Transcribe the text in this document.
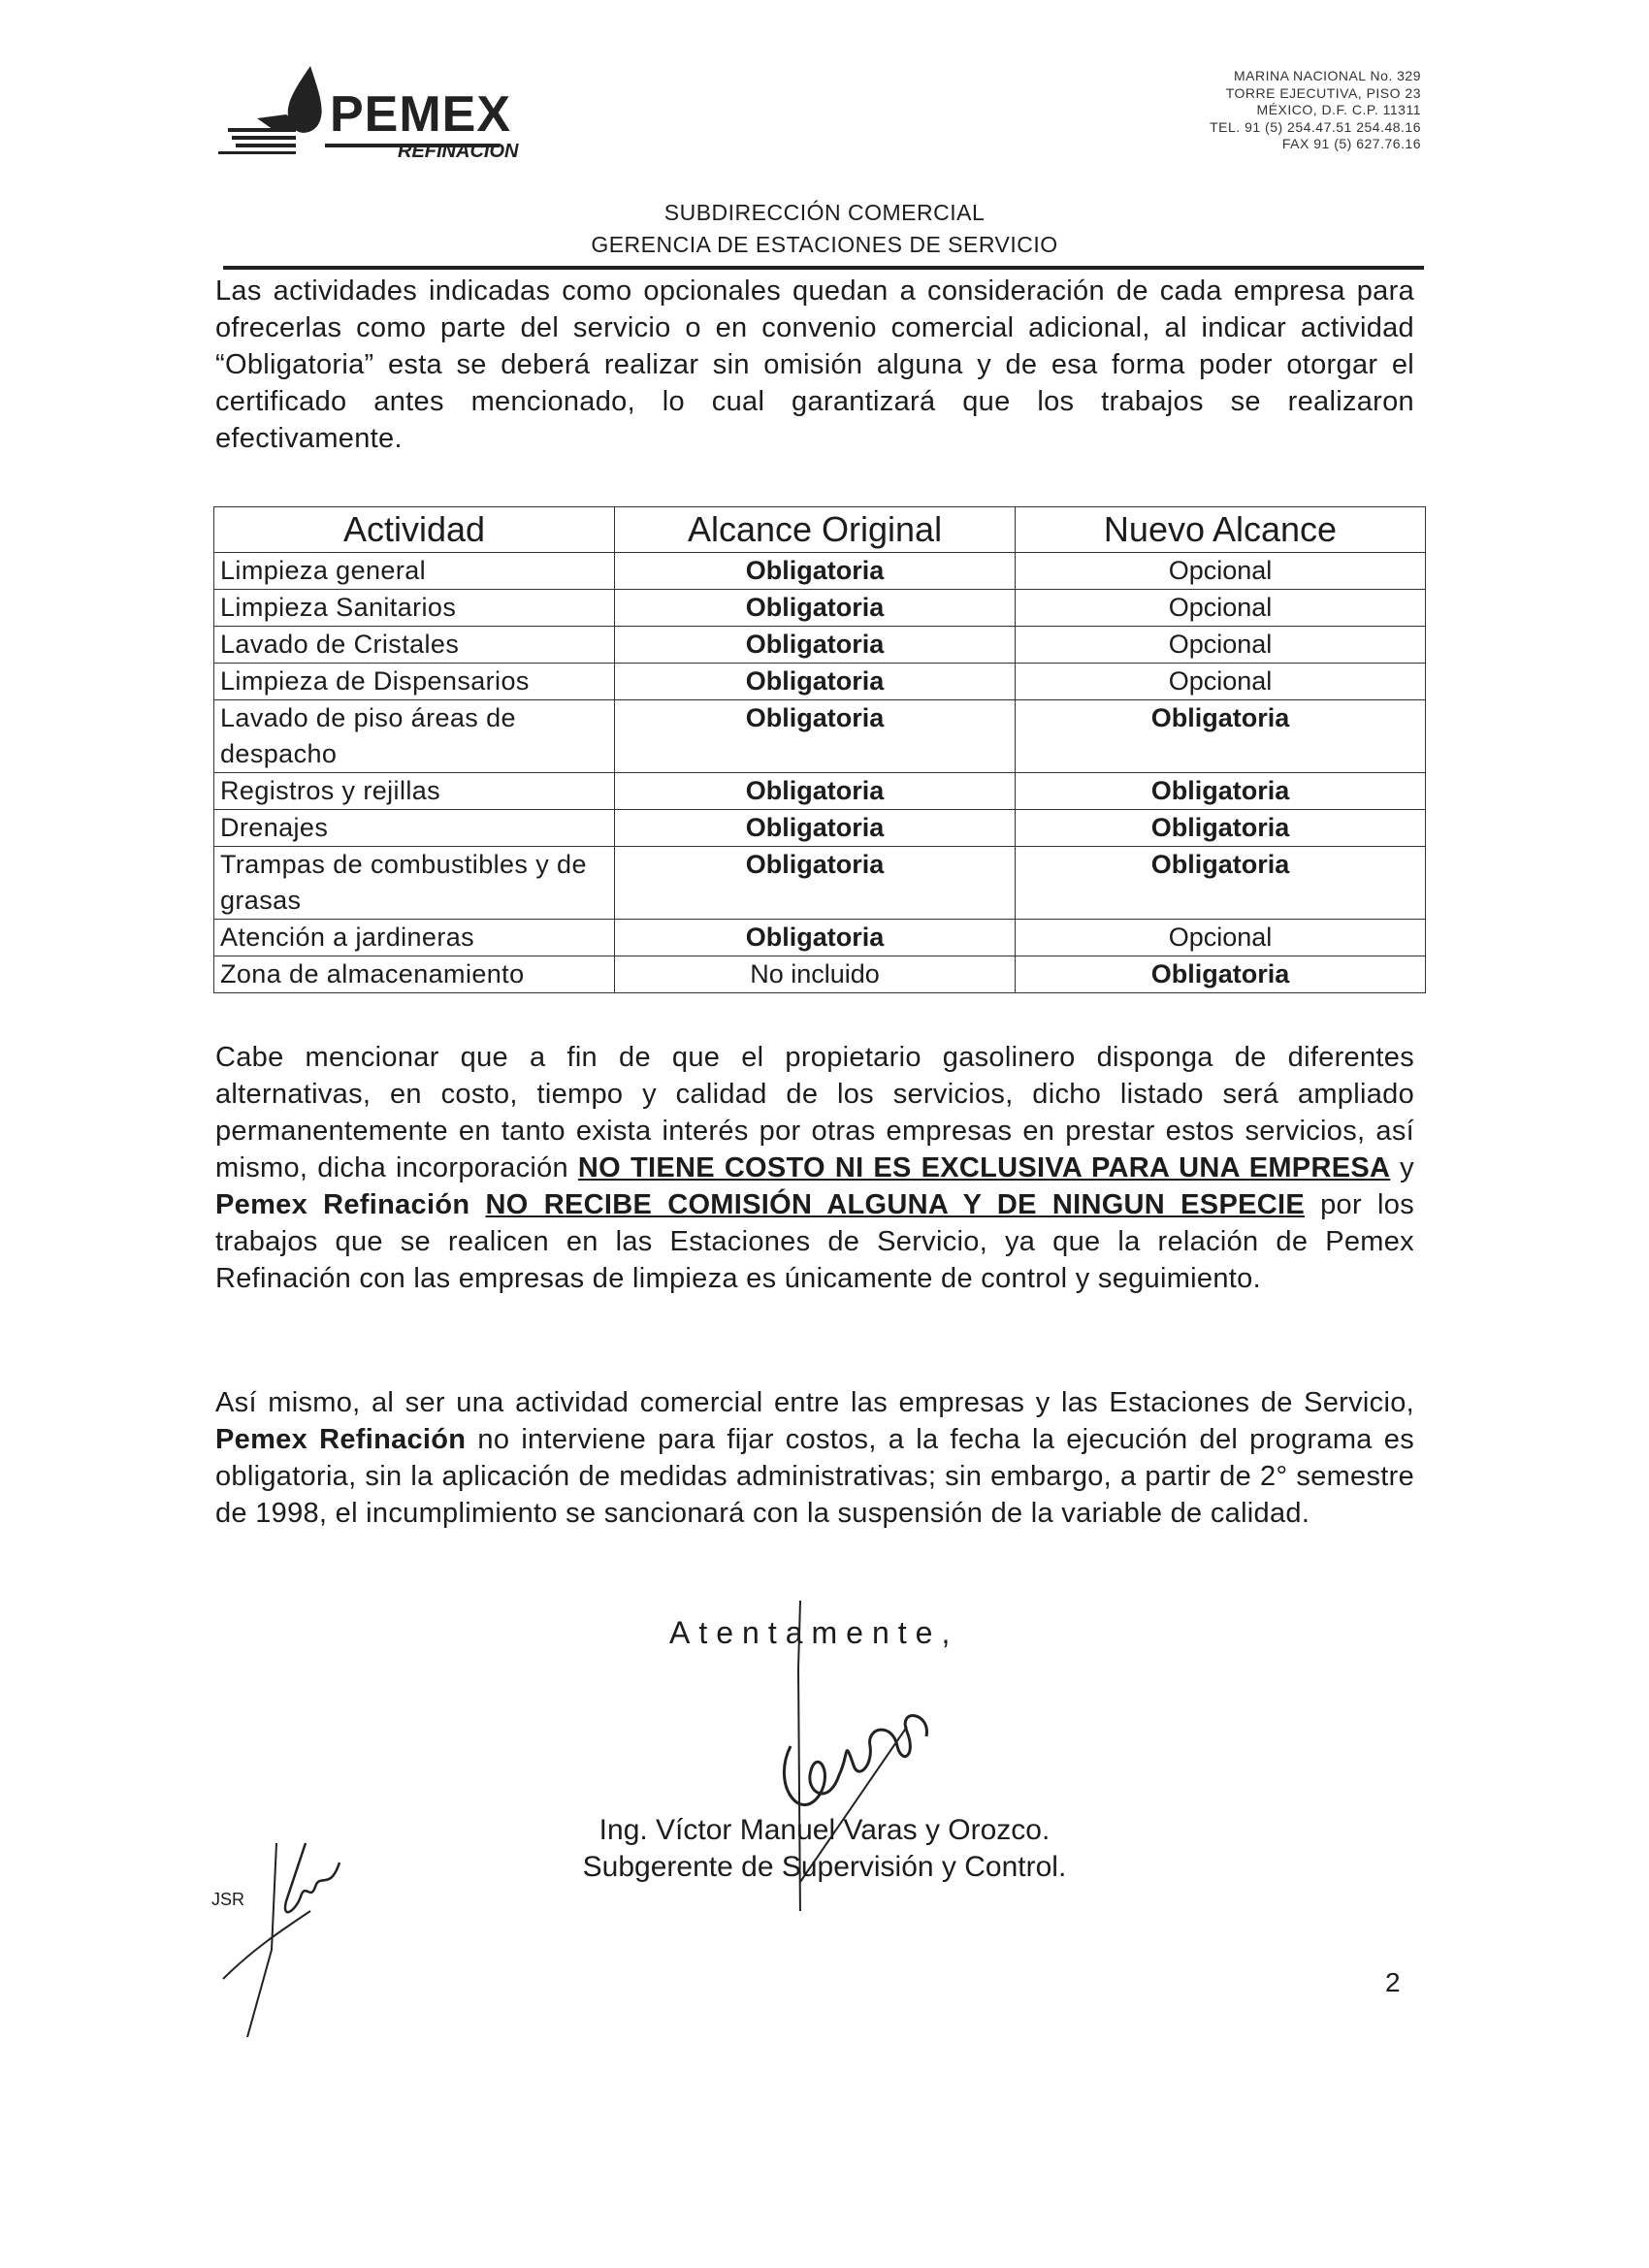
PEMEX
REFINACION
MARINA NACIONAL No. 329
TORRE EJECUTIVA, PISO 23
MÉXICO, D.F. C.P. 11311
TEL. 91 (5) 254.47.51 254.48.16
FAX 91 (5) 627.76.16
SUBDIRECCIÓN COMERCIAL
GERENCIA DE ESTACIONES DE SERVICIO
Las actividades indicadas como opcionales quedan a consideración de cada empresa para ofrecerlas como parte del servicio o en convenio comercial adicional, al indicar actividad “Obligatoria” esta se deberá realizar sin omisión alguna y de esa forma poder otorgar el certificado antes mencionado, lo cual garantizará que los trabajos se realizaron efectivamente.
Actividad	Alcance Original	Nuevo Alcance
Limpieza general	Obligatoria	Opcional
Limpieza Sanitarios	Obligatoria	Opcional
Lavado de Cristales	Obligatoria	Opcional
Limpieza de Dispensarios	Obligatoria	Opcional
Lavado de piso áreas de despacho	Obligatoria	Obligatoria
Registros y rejillas	Obligatoria	Obligatoria
Drenajes	Obligatoria	Obligatoria
Trampas de combustibles y de grasas	Obligatoria	Obligatoria
Atención a jardineras	Obligatoria	Opcional
Zona de almacenamiento	No incluido	Obligatoria
Cabe mencionar que a fin de que el propietario gasolinero disponga de diferentes alternativas, en costo, tiempo y calidad de los servicios, dicho listado será ampliado permanentemente en tanto exista interés por otras empresas en prestar estos servicios, así mismo, dicha incorporación NO TIENE COSTO NI ES EXCLUSIVA PARA UNA EMPRESA y Pemex Refinación NO RECIBE COMISIÓN ALGUNA Y DE NINGUN ESPECIE por los trabajos que se realicen en las Estaciones de Servicio, ya que la relación de Pemex Refinación con las empresas de limpieza es únicamente de control y seguimiento.
Así mismo, al ser una actividad comercial entre las empresas y las Estaciones de Servicio, Pemex Refinación no interviene para fijar costos, a la fecha la ejecución del programa es obligatoria, sin la aplicación de medidas administrativas; sin embargo, a partir de 2° semestre de 1998, el incumplimiento se sancionará con la suspensión de la variable de calidad.
Atentamente,
Ing. Víctor Manuel Varas y Orozco.
Subgerente de Supervisión y Control.
JSR
2
